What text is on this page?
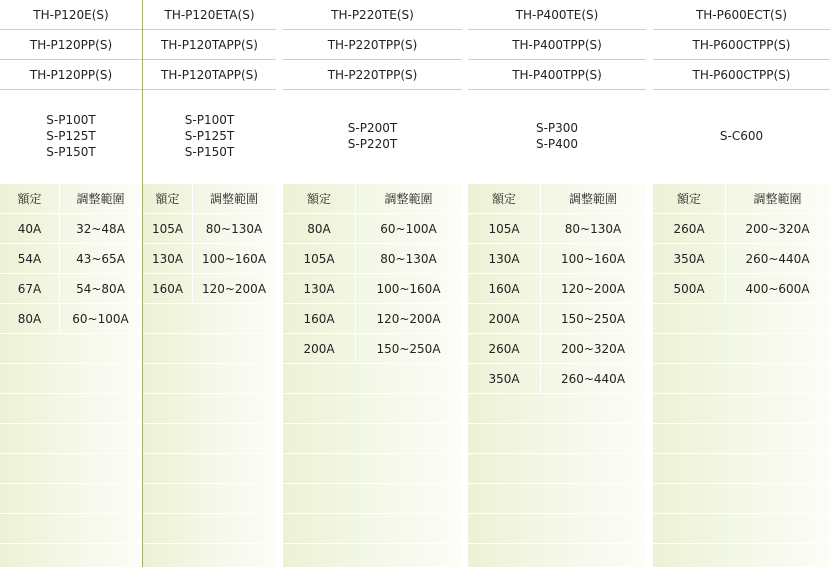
TH-P120E(S)
TH-P120PP(S)
TH-P120PP(S)
S-P100T
S-P125T
S-P150T
額定	調整範圍
40A	32~48A
54A	43~65A
67A	54~80A
80A	60~100A
TH-P120ETA(S)
TH-P120TAPP(S)
TH-P120TAPP(S)
S-P100T
S-P125T
S-P150T
額定	調整範圍
105A	80~130A
130A	100~160A
160A	120~200A
TH-P220TE(S)
TH-P220TPP(S)
TH-P220TPP(S)
S-P200T
S-P220T
額定	調整範圍
80A	60~100A
105A	80~130A
130A	100~160A
160A	120~200A
200A	150~250A
TH-P400TE(S)
TH-P400TPP(S)
TH-P400TPP(S)
S-P300
S-P400
額定	調整範圍
105A	80~130A
130A	100~160A
160A	120~200A
200A	150~250A
260A	200~320A
350A	260~440A
TH-P600ECT(S)
TH-P600CTPP(S)
TH-P600CTPP(S)
S-C600
額定	調整範圍
260A	200~320A
350A	260~440A
500A	400~600A
